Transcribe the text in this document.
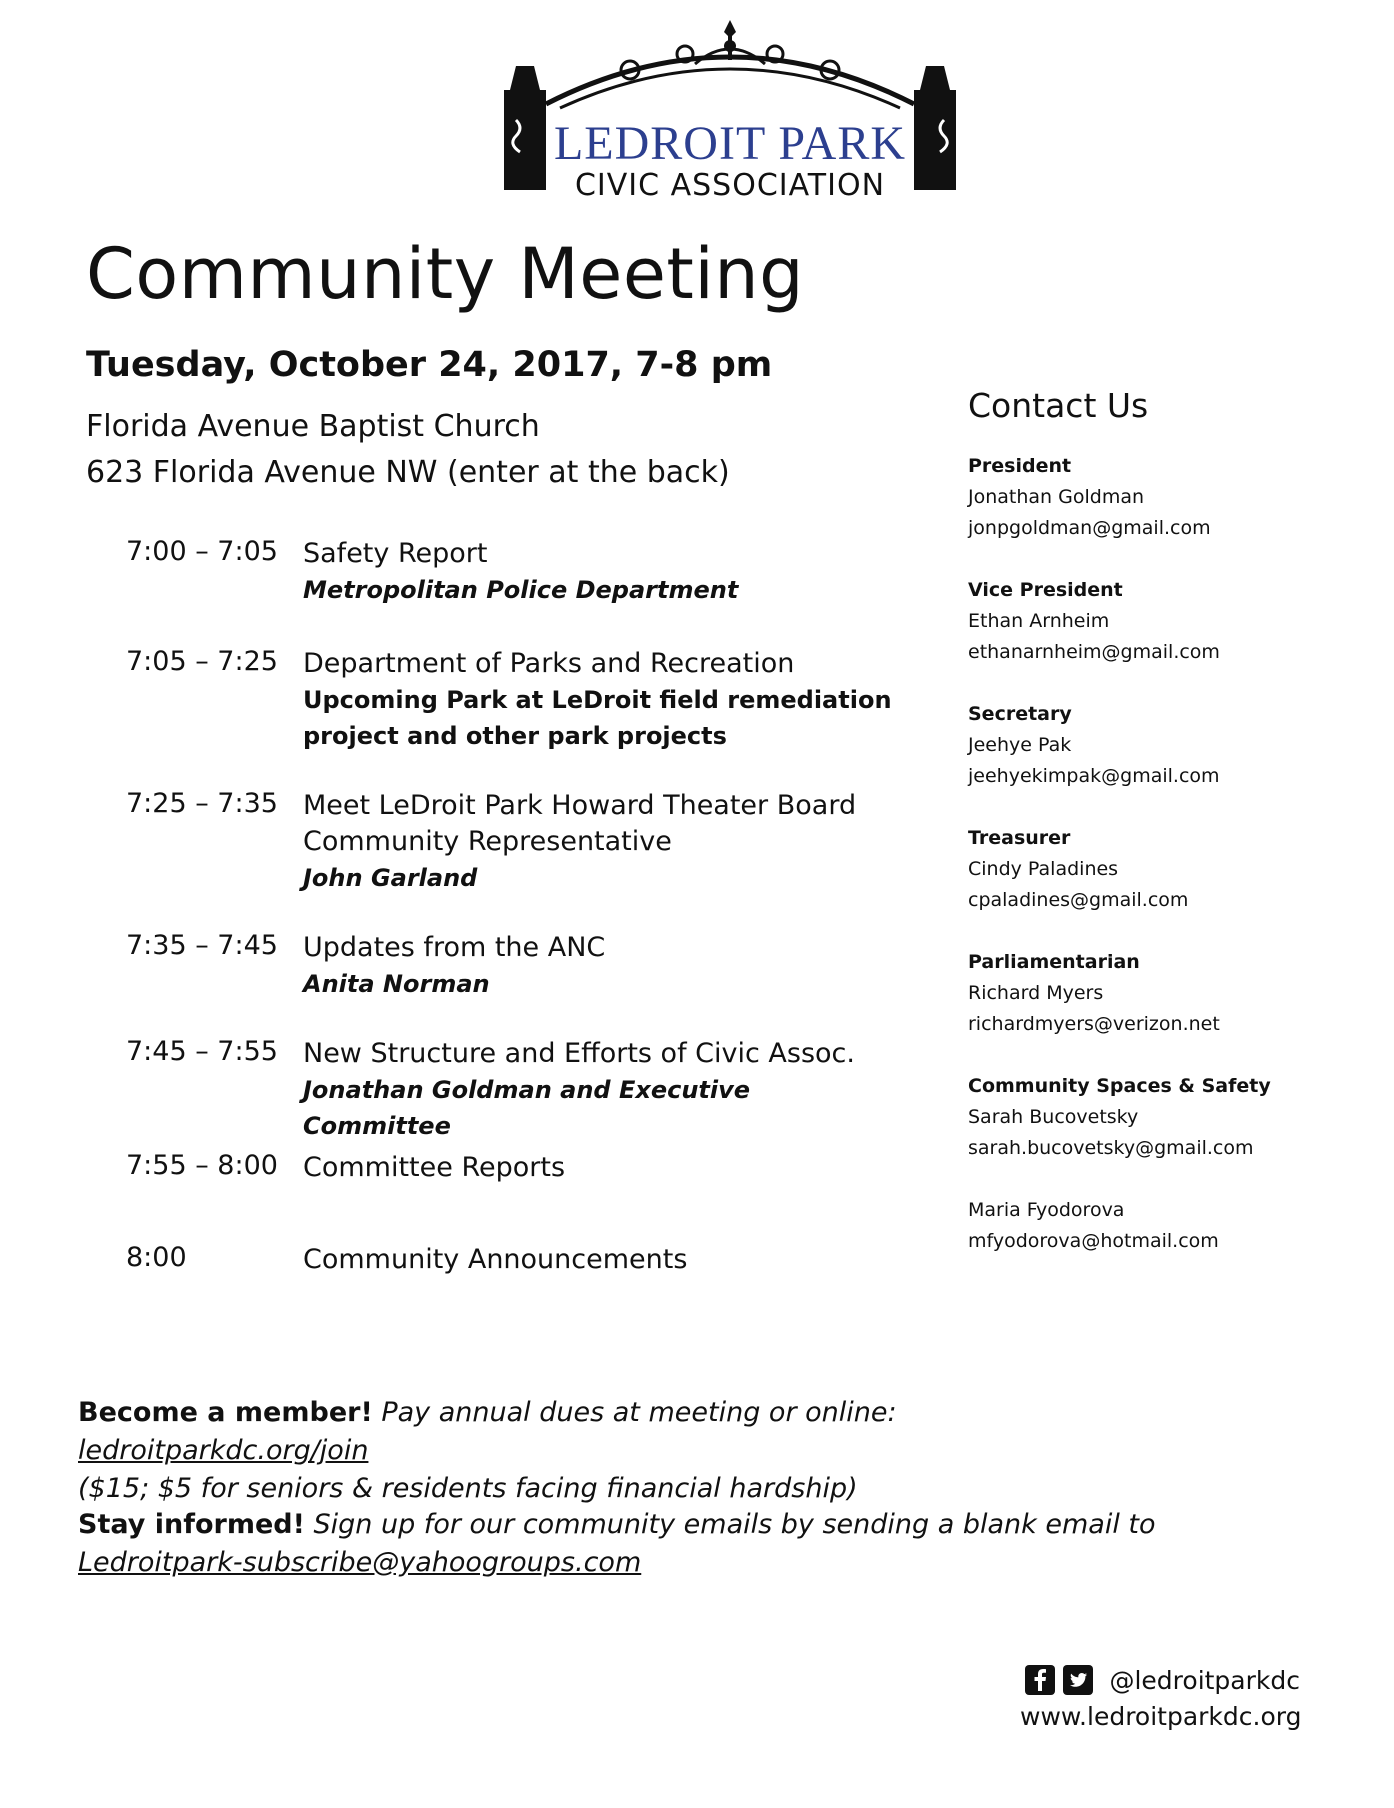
LEDROIT PARK
CIVIC ASSOCIATION
Community Meeting
Tuesday, October 24, 2017, 7-8 pm
Florida Avenue Baptist Church
623 Florida Avenue NW (enter at the back)
7:00 – 7:05 Safety Report
Metropolitan Police Department
7:05 – 7:25 Department of Parks and Recreation
Upcoming Park at LeDroit field remediation project and other park projects
7:25 – 7:35 Meet LeDroit Park Howard Theater Board Community Representative
John Garland
7:35 – 7:45 Updates from the ANC
Anita Norman
7:45 – 7:55 New Structure and Efforts of Civic Assoc.
Jonathan Goldman and Executive Committee
7:55 – 8:00 Committee Reports
8:00	Community Announcements
Contact Us
President
Jonathan Goldman
jonpgoldman@gmail.com
Vice President
Ethan Arnheim
ethanarnheim@gmail.com
Secretary
Jeehye Pak
jeehyekimpak@gmail.com
Treasurer
Cindy Paladines
cpaladines@gmail.com
Parliamentarian
Richard Myers
richardmyers@verizon.net
Community Spaces & Safety
Sarah Bucovetsky
sarah.bucovetsky@gmail.com
Maria Fyodorova
mfyodorova@hotmail.com
Become a member! Pay annual dues at meeting or online: ledroitparkdc.org/join
($15; $5 for seniors & residents facing financial hardship)
Stay informed! Sign up for our community emails by sending a blank email to
Ledroitpark-subscribe@yahoogroups.com
@ledroitparkdc
www.ledroitparkdc.org
